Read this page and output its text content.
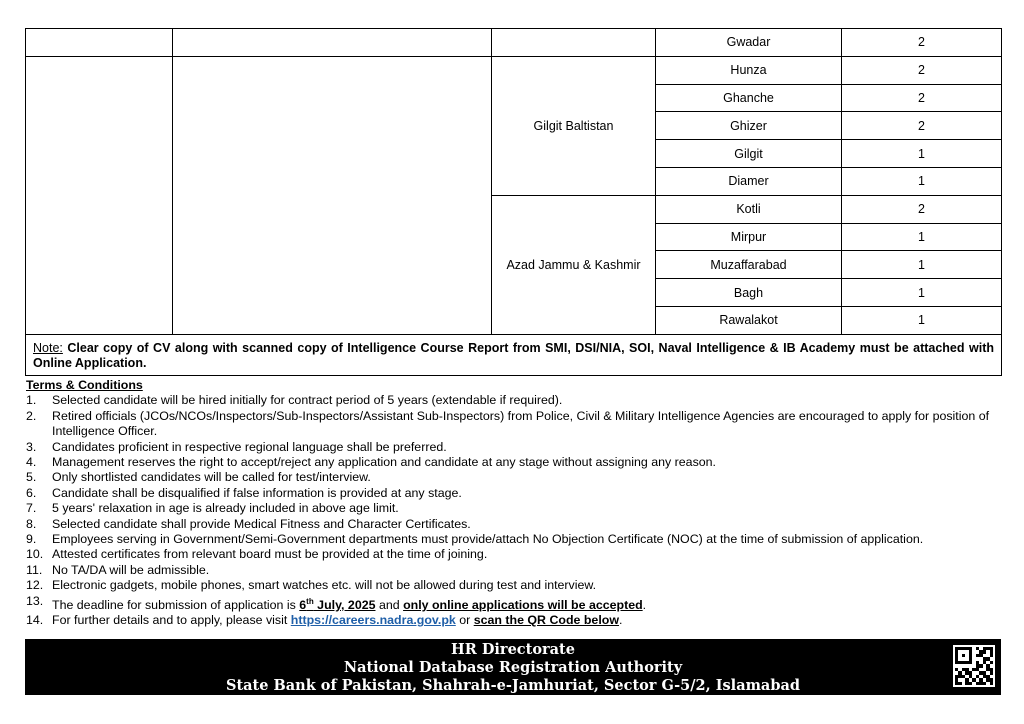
			Gwadar	2
		Gilgit Baltistan	Hunza	2
			Ghanche	2
			Ghizer	2
			Gilgit	1
			Diamer	1
		Azad Jammu & Kashmir	Kotli	2
			Mirpur	1
			Muzaffarabad	1
			Bagh	1
			Rawalakot	1
Note: Clear copy of CV along with scanned copy of Intelligence Course Report from SMI, DSI/NIA, SOI, Naval Intelligence & IB Academy must be attached with Online Application.				
Terms & Conditions
1.	Selected candidate will be hired initially for contract period of 5 years (extendable if required).
2.	Retired officials (JCOs/NCOs/Inspectors/Sub-Inspectors/Assistant Sub-Inspectors) from Police, Civil & Military Intelligence Agencies are encouraged to apply for position of Intelligence Officer.
3.	Candidates proficient in respective regional language shall be preferred.
4.	Management reserves the right to accept/reject any application and candidate at any stage without assigning any reason.
5.	Only shortlisted candidates will be called for test/interview.
6.	Candidate shall be disqualified if false information is provided at any stage.
7.	5 years' relaxation in age is already included in above age limit.
8.	Selected candidate shall provide Medical Fitness and Character Certificates.
9.	Employees serving in Government/Semi-Government departments must provide/attach No Objection Certificate (NOC) at the time of submission of application.
10. Attested certificates from relevant board must be provided at the time of joining.
11. No TA/DA will be admissible.
12. Electronic gadgets, mobile phones, smart watches etc. will not be allowed during test and interview.
13. The deadline for submission of application is 6th July, 2025 and only online applications will be accepted.
14. For further details and to apply, please visit https://careers.nadra.gov.pk or scan the QR Code below.
HR Directorate
National Database Registration Authority
State Bank of Pakistan, Shahrah-e-Jamhuriat, Sector G-5/2, Islamabad
